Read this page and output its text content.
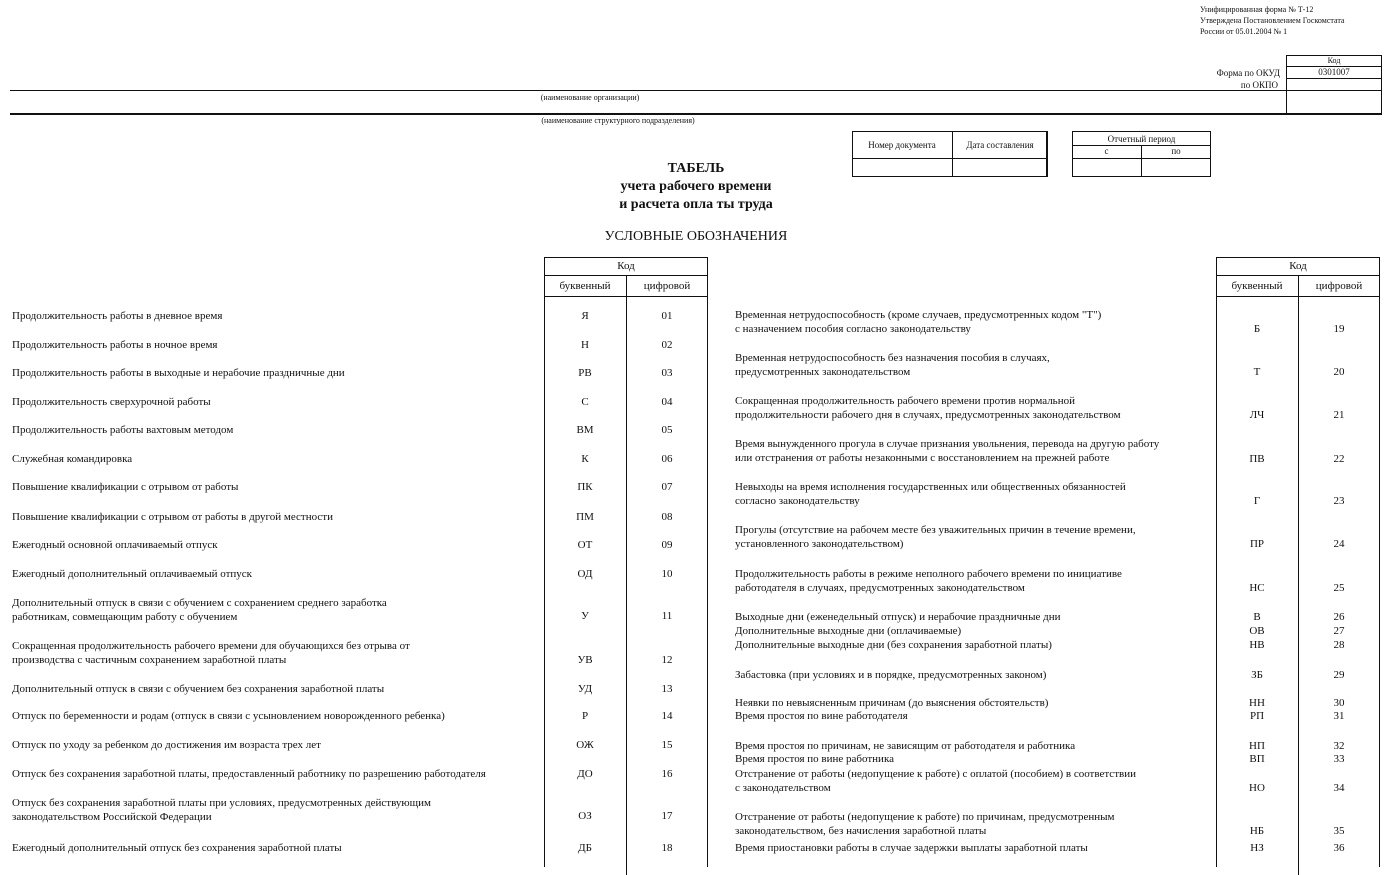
Унифицированная форма № Т-12
Утверждена Постановлением Госкомстата
России от 05.01.2004 № 1
Код
0301007
Форма по ОКУД
по ОКПО
(наименование организации)
(наименование структурного подразделения)
Номер документа	Дата составления
Отчетный период
с	по
ТАБЕЛЬ
учета рабочего времени
и расчета опла ты труда
УСЛОВНЫЕ ОБОЗНАЧЕНИЯ
Код
буквенный	цифровой
Код
буквенный	цифровой
Продолжительность работы в дневное время	Я	01
Продолжительность работы в ночное время	Н	02
Продолжительность работы в выходные и нерабочие праздничные дни	РВ	03
Продолжительность сверхурочной работы	С	04
Продолжительность работы вахтовым методом	ВМ	05
Служебная командировка	К	06
Повышение квалификации с отрывом от работы	ПК	07
Повышение квалификации с отрывом от работы в другой местности	ПМ	08
Ежегодный основной оплачиваемый отпуск	ОТ	09
Ежегодный дополнительный оплачиваемый отпуск	ОД	10
Дополнительный отпуск в связи с обучением с сохранением среднего заработка
работникам, совмещающим работу с обучением	У	11
Сокращенная продолжительность рабочего времени для обучающихся без отрыва от
производства с частичным сохранением заработной платы	УВ	12
Дополнительный отпуск в связи с обучением без сохранения заработной платы	УД	13
Отпуск по беременности и родам (отпуск в связи с усыновлением новорожденного ребенка)	Р	14
Отпуск по уходу за ребенком до достижения им возраста трех лет	ОЖ	15
Отпуск без сохранения заработной платы, предоставленный работнику по разрешению работодателя	ДО	16
Отпуск без сохранения заработной платы при условиях, предусмотренных действующим
законодательством Российской Федерации	ОЗ	17
Ежегодный дополнительный отпуск без сохранения заработной платы	ДБ	18
Временная нетрудоспособность (кроме случаев, предусмотренных кодом "Т")
с назначением пособия согласно законодательству	Б	19
Временная нетрудоспособность без назначения пособия в случаях,
предусмотренных законодательством	Т	20
Сокращенная продолжительность рабочего времени против нормальной
продолжительности рабочего дня в случаях, предусмотренных законодательством	ЛЧ	21
Время вынужденного прогула в случае признания увольнения, перевода на другую работу
или отстранения от работы незаконными с восстановлением на прежней работе	ПВ	22
Невыходы на время исполнения государственных или общественных обязанностей
согласно законодательству	Г	23
Прогулы (отсутствие на рабочем месте без уважительных причин в течение времени,
установленного законодательством)	ПР	24
Продолжительность работы в режиме неполного рабочего времени по инициативе
работодателя в случаях, предусмотренных законодательством	НС	25
Выходные дни (еженедельный отпуск) и нерабочие праздничные дни	В	26
Дополнительные выходные дни (оплачиваемые)	ОВ	27
Дополнительные выходные дни (без сохранения заработной платы)	НВ	28
Забастовка (при условиях и в порядке, предусмотренных законом)	ЗБ	29
Неявки по невыясненным причинам (до выяснения обстоятельств)	НН	30
Время простоя по вине работодателя	РП	31
Время простоя по причинам, не зависящим от работодателя и работника	НП	32
Время простоя по вине работника	ВП	33
Отстранение от работы (недопущение к работе) с оплатой (пособием) в соответствии
с законодательством	НО	34
Отстранение от работы (недопущение к работе) по причинам, предусмотренным
законодательством, без начисления заработной платы	НБ	35
Время приостановки работы в случае задержки выплаты заработной платы	НЗ	36
